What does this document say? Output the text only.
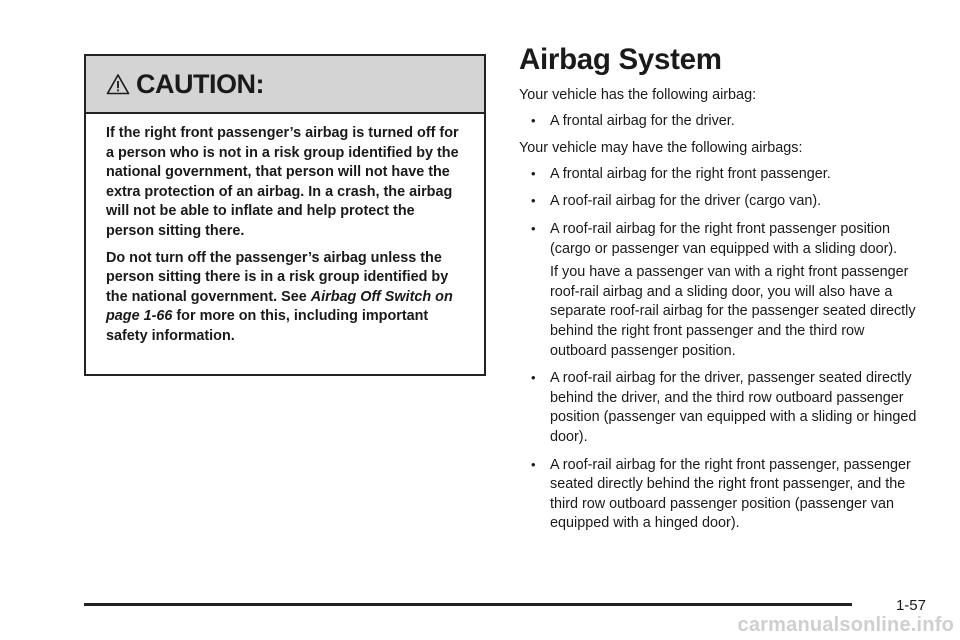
CAUTION:

If the right front passenger’s airbag is turned off for a person who is not in a risk group identified by the national government, that person will not have the extra protection of an airbag. In a crash, the airbag will not be able to inflate and help protect the person sitting there.

Do not turn off the passenger’s airbag unless the person sitting there is in a risk group identified by the national government. See Airbag Off Switch on page 1-66 for more on this, including important safety information.

Airbag System

Your vehicle has the following airbag:

• A frontal airbag for the driver.

Your vehicle may have the following airbags:

• A frontal airbag for the right front passenger.
• A roof-rail airbag for the driver (cargo van).
• A roof-rail airbag for the right front passenger position (cargo or passenger van equipped with a sliding door).

If you have a passenger van with a right front passenger roof-rail airbag and a sliding door, you will also have a separate roof-rail airbag for the passenger seated directly behind the right front passenger and the third row outboard passenger position.

• A roof-rail airbag for the driver, passenger seated directly behind the driver, and the third row outboard passenger position (passenger van equipped with a sliding or hinged door).
• A roof-rail airbag for the right front passenger, passenger seated directly behind the right front passenger, and the third row outboard passenger position (passenger van equipped with a hinged door).
1-57
carmanualsonline.info
